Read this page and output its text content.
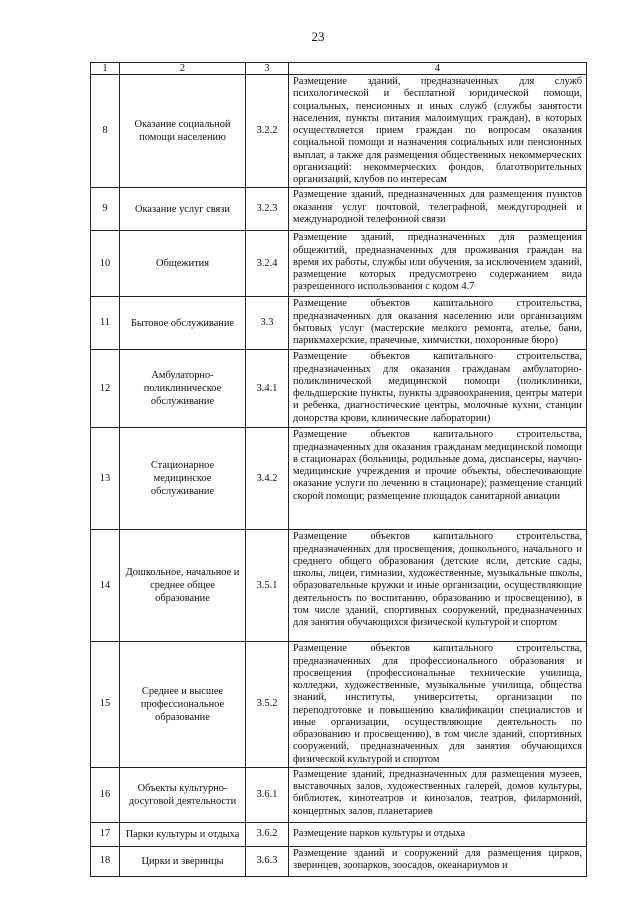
23
1	2	3	4
8	Оказание социальной помощи населению	3.2.2	Размещение зданий, предназначенных для служб психологической и бесплатной юридической помощи, социальных, пенсионных и иных служб (службы занятости населения, пункты питания малоимущих граждан), в которых осуществляется прием граждан по вопросам оказания социальной помощи и назначения социальных или пенсионных выплат, а также для размещения общественных некоммерческих организаций: некоммерческих фондов, благотворительных организаций, клубов по интересам
9	Оказание услуг связи	3.2.3	Размещение зданий, предназначенных для размещения пунктов оказания услуг почтовой, телеграфной, междугородней и международной телефонной связи
10	Общежития	3.2.4	Размещение зданий, предназначенных для размещения общежитий, предназначенных для проживания граждан на время их работы, службы или обучения, за исключением зданий, размещение которых предусмотрено содержанием вида разрешенного использования с кодом 4.7
11	Бытовое обслуживание	3.3	Размещение объектов капитального строительства, предназначенных для оказания населению или организациям бытовых услуг (мастерские мелкого ремонта, ателье, бани, парикмахерские, прачечные, химчистки, похоронные бюро)
12	Амбулаторно-поликлиническое обслуживание	3.4.1	Размещение объектов капитального строительства, предназначенных для оказания гражданам амбулаторно-поликлинической медицинской помощи (поликлиники, фельдшерские пункты, пункты здравоохранения, центры матери и ребенка, диагностические центры, молочные кухни, станции донорства крови, клинические лаборатории)
13	Стационарное медицинское обслуживание	3.4.2	Размещение объектов капитального строительства, предназначенных для оказания гражданам медицинской помощи в стационарах (больницы, родильные дома, диспансеры, научно-медицинские учреждения и прочие объекты, обеспечивающие оказание услуги по лечению в стационаре); размещение станций скорой помощи; размещение площадок санитарной авиации
14	Дошкольное, начальное и среднее общее образование	3.5.1	Размещение объектов капитального строительства, предназначенных для просвещения, дошкольного, начального и среднего общего образования (детские ясли, детские сады, школы, лицеи, гимназии, художественные, музыкальные школы, образовательные кружки и иные организации, осуществляющие деятельность по воспитанию, образованию и просвещению), в том числе зданий, спортивных сооружений, предназначенных для занятия обучающихся физической культурой и спортом
15	Среднее и высшее профессиональное образование	3.5.2	Размещение объектов капитального строительства, предназначенных для профессионального образования и просвещения (профессиональные технические училища, колледжи, художественные, музыкальные училища, общества знаний, институты, университеты, организации по переподготовке и повышению квалификации специалистов и иные организации, осуществляющие деятельность по образованию и просвещению), в том числе зданий, спортивных сооружений, предназначенных для занятия обучающихся физической культурой и спортом
16	Объекты культурно-досуговой деятельности	3.6.1	Размещение зданий, предназначенных для размещения музеев, выставочных залов, художественных галерей, домов культуры, библиотек, кинотеатров и кинозалов, театров, филармоний, концертных залов, планетариев
17	Парки культуры и отдыха	3.6.2	Размещение парков культуры и отдыха
18	Цирки и зверинцы	3.6.3	Размещение зданий и сооружений для размещения цирков, зверинцев, зоопарков, зоосадов, океанариумов и
